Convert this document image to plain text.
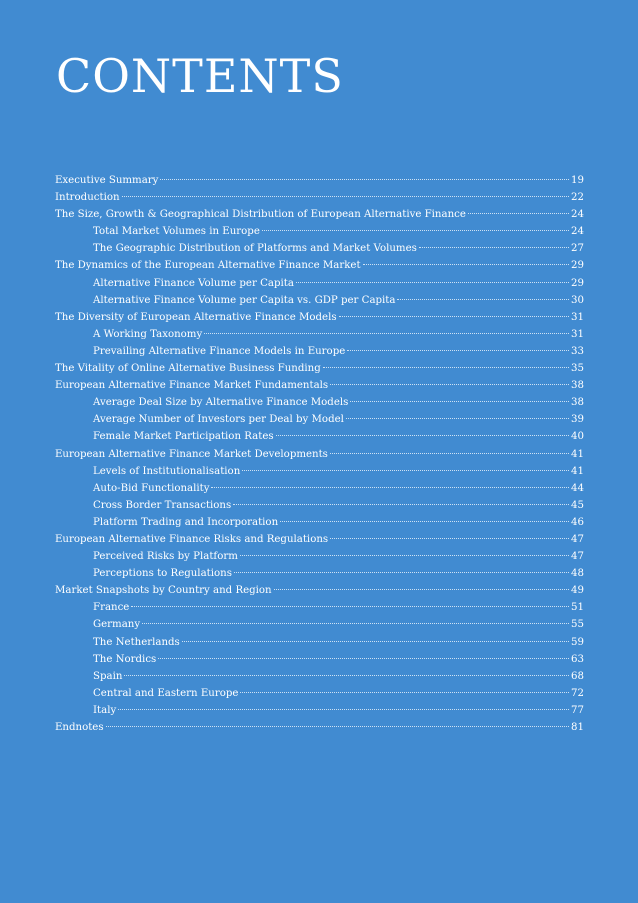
CONTENTS
Executive Summary	19
Introduction	22
The Size, Growth & Geographical Distribution of European Alternative Finance	24
Total Market Volumes in Europe	24
The Geographic Distribution of Platforms and Market Volumes	27
The Dynamics of the European Alternative Finance Market	29
Alternative Finance Volume per Capita	29
Alternative Finance Volume per Capita vs. GDP per Capita	30
The Diversity of European Alternative Finance Models	31
A Working Taxonomy	31
Prevailing Alternative Finance Models in Europe	33
The Vitality of Online Alternative Business Funding	35
European Alternative Finance Market Fundamentals	38
Average Deal Size by Alternative Finance Models	38
Average Number of Investors per Deal by Model	39
Female Market Participation Rates	40
European Alternative Finance Market Developments	41
Levels of Institutionalisation	41
Auto-Bid Functionality	44
Cross Border Transactions	45
Platform Trading and Incorporation	46
European Alternative Finance Risks and Regulations	47
Perceived Risks by Platform	47
Perceptions to Regulations	48
Market Snapshots by Country and Region	49
France	51
Germany	55
The Netherlands	59
The Nordics	63
Spain	68
Central and Eastern Europe	72
Italy	77
Endnotes	81
